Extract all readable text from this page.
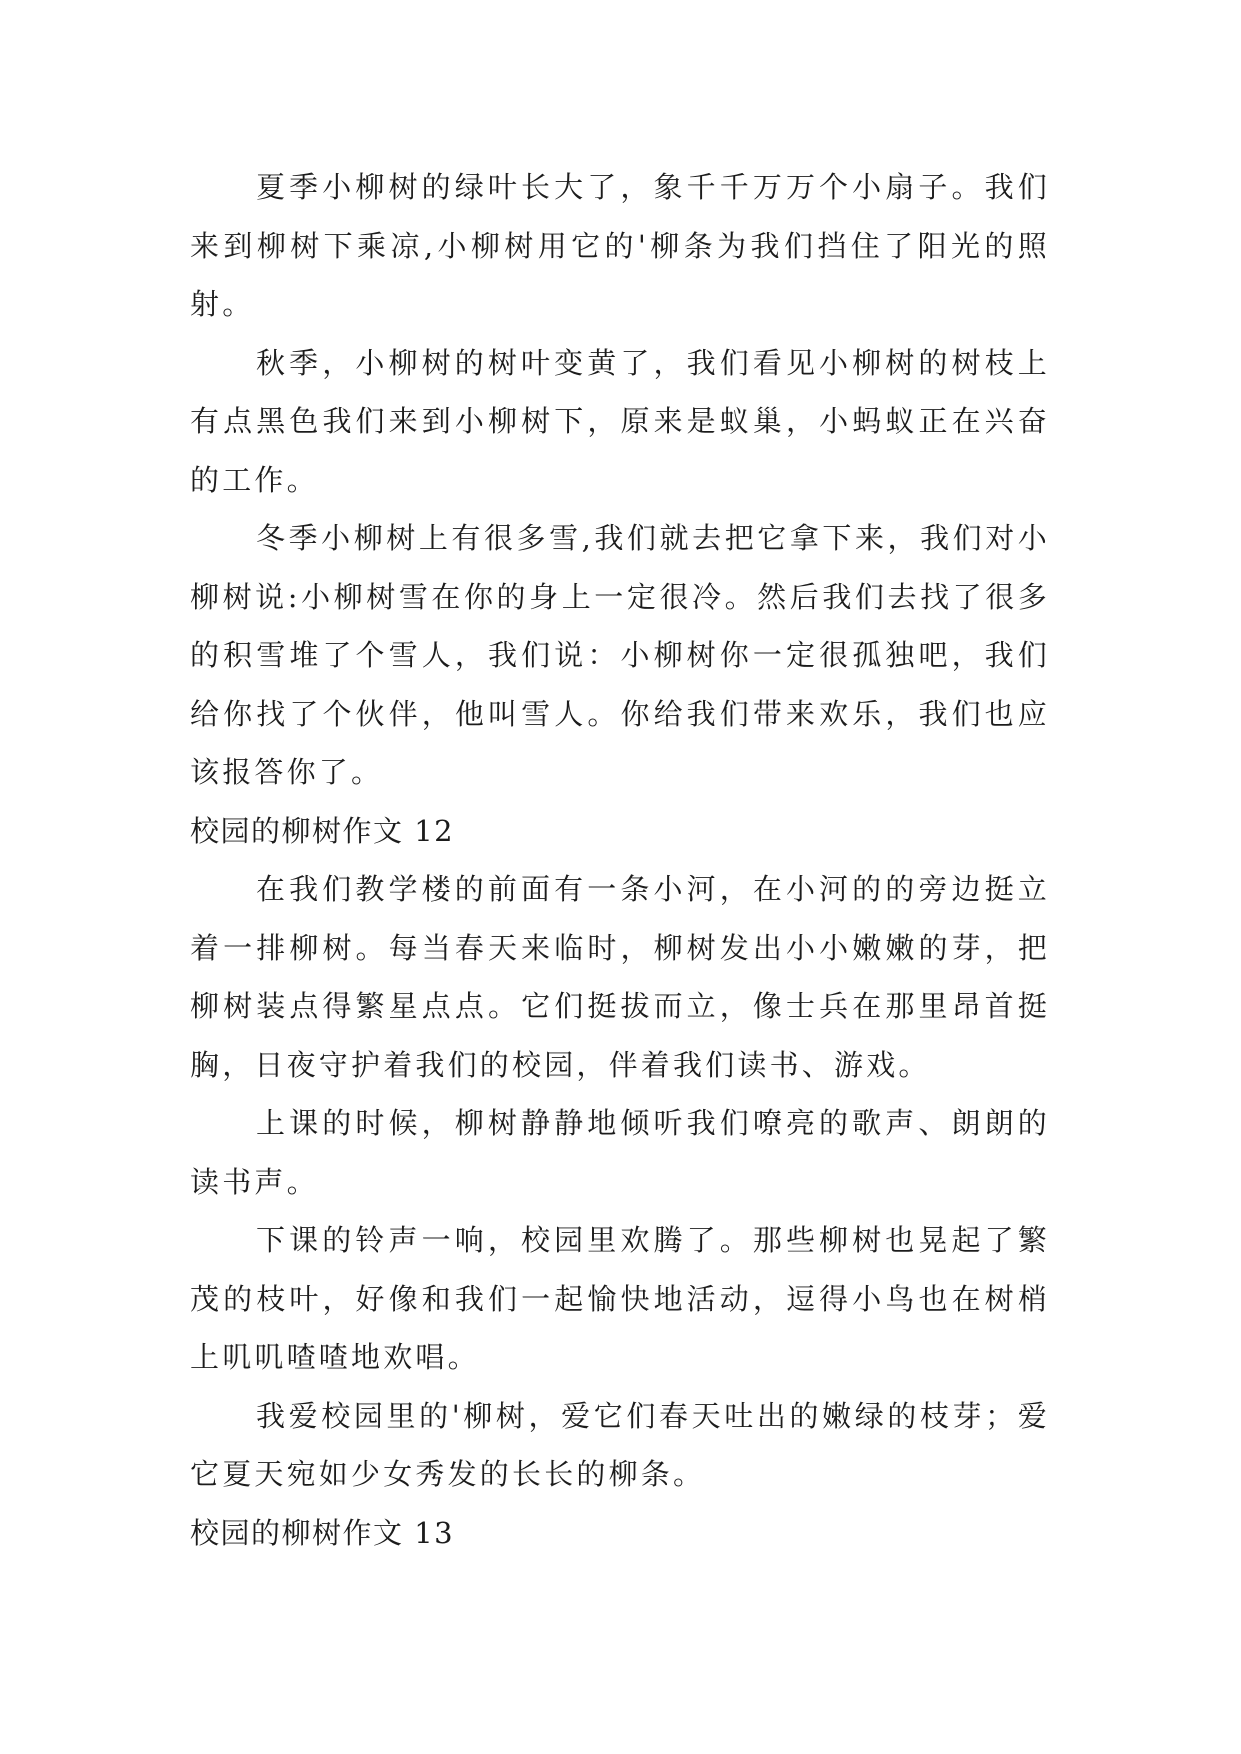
夏季小柳树的绿叶长大了，象千千万万个小扇子。我们来到柳树下乘凉,小柳树用它的'柳条为我们挡住了阳光的照射。

秋季，小柳树的树叶变黄了，我们看见小柳树的树枝上有点黑色我们来到小柳树下，原来是蚁巢，小蚂蚁正在兴奋的工作。

冬季小柳树上有很多雪,我们就去把它拿下来，我们对小柳树说:小柳树雪在你的身上一定很冷。然后我们去找了很多的积雪堆了个雪人，我们说：小柳树你一定很孤独吧，我们给你找了个伙伴，他叫雪人。你给我们带来欢乐，我们也应该报答你了。

校园的柳树作文 12

在我们教学楼的前面有一条小河，在小河的的旁边挺立着一排柳树。每当春天来临时，柳树发出小小嫩嫩的芽，把柳树装点得繁星点点。它们挺拔而立，像士兵在那里昂首挺胸，日夜守护着我们的校园，伴着我们读书、游戏。

上课的时候，柳树静静地倾听我们嘹亮的歌声、朗朗的读书声。

下课的铃声一响，校园里欢腾了。那些柳树也晃起了繁茂的枝叶，好像和我们一起愉快地活动，逗得小鸟也在树梢上叽叽喳喳地欢唱。

我爱校园里的'柳树，爱它们春天吐出的嫩绿的枝芽；爱它夏天宛如少女秀发的长长的柳条。

校园的柳树作文 13
